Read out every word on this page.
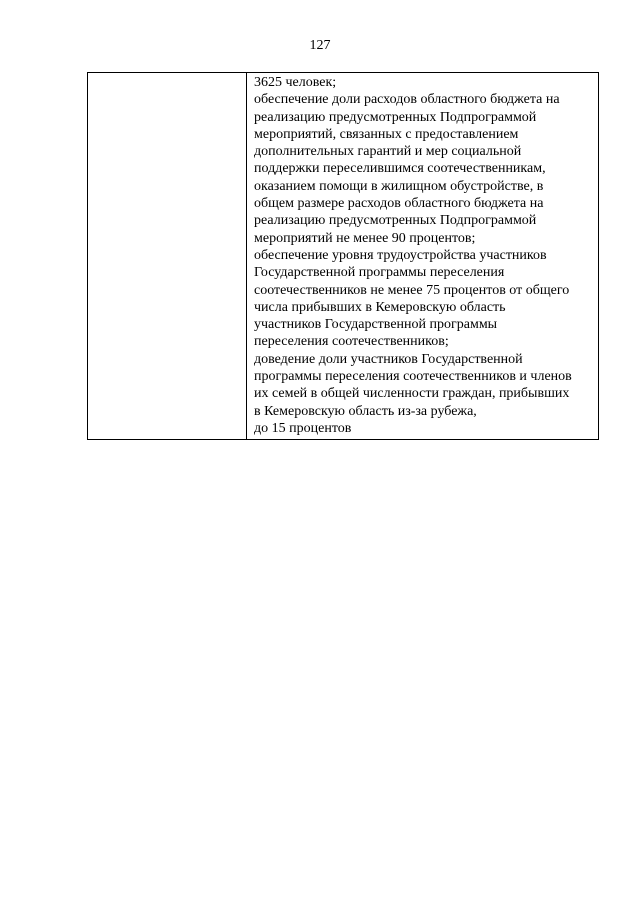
127

3625 человек;
обеспечение доли расходов областного бюджета на
реализацию предусмотренных Подпрограммой
мероприятий, связанных с предоставлением
дополнительных гарантий и мер социальной
поддержки переселившимся соотечественникам,
оказанием помощи в жилищном обустройстве, в
общем размере расходов областного бюджета на
реализацию предусмотренных Подпрограммой
мероприятий не менее 90 процентов;
обеспечение уровня трудоустройства участников
Государственной программы переселения
соотечественников не менее 75 процентов от общего
числа прибывших в Кемеровскую область
участников Государственной программы
переселения соотечественников;
доведение доли участников Государственной
программы переселения соотечественников и членов
их семей в общей численности граждан, прибывших
в Кемеровскую область из-за рубежа,
до 15 процентов
